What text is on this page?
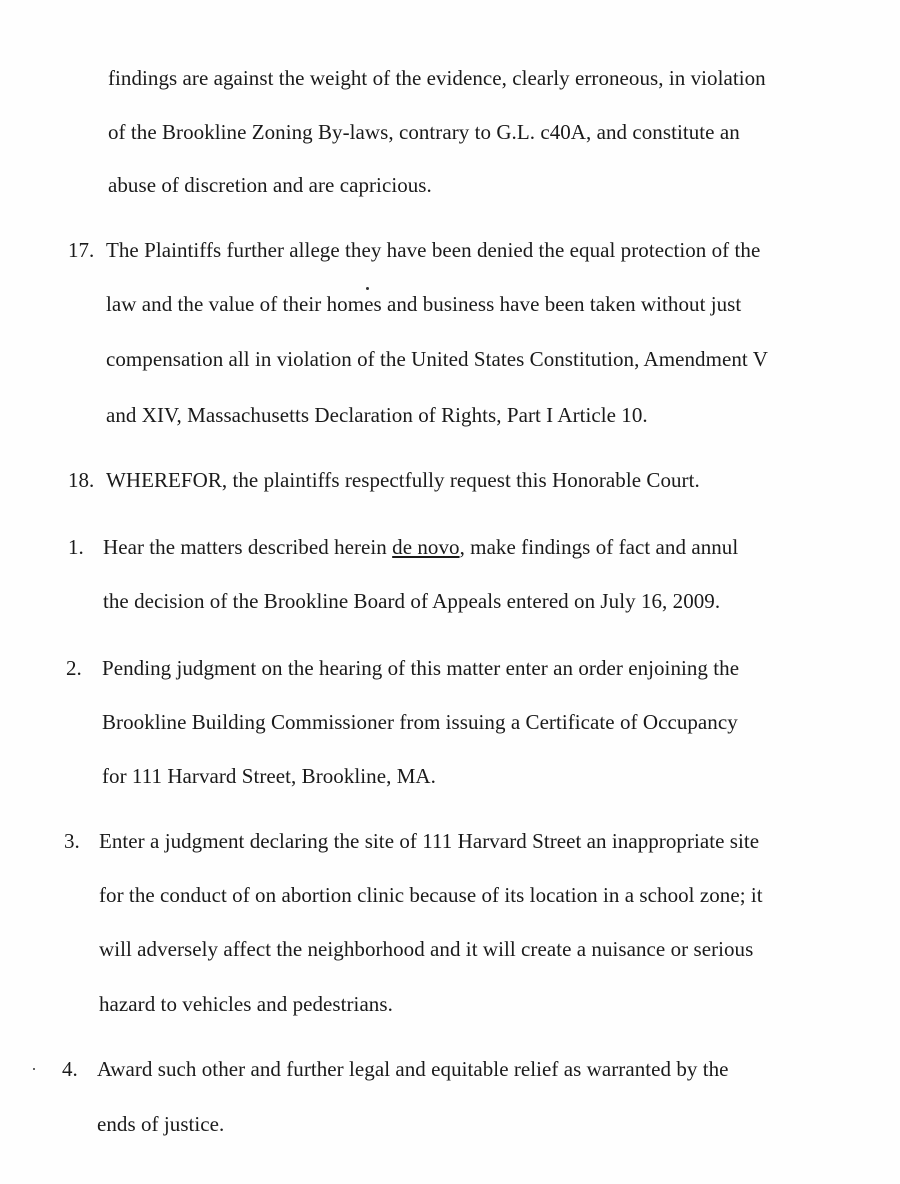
findings are against the weight of the evidence, clearly erroneous, in violation
of the Brookline Zoning By-laws, contrary to G.L. c40A, and constitute an
abuse of discretion and are capricious.
17. The Plaintiffs further allege they have been denied the equal protection of the
law and the value of their homes and business have been taken without just
compensation all in violation of the United States Constitution, Amendment V
and XIV, Massachusetts Declaration of Rights, Part I Article 10.
18. WHEREFOR, the plaintiffs respectfully request this Honorable Court.
1. Hear the matters described herein de novo, make findings of fact and annul
the decision of the Brookline Board of Appeals entered on July 16, 2009.
2. Pending judgment on the hearing of this matter enter an order enjoining the
Brookline Building Commissioner from issuing a Certificate of Occupancy
for 111 Harvard Street, Brookline, MA.
3. Enter a judgment declaring the site of 111 Harvard Street an inappropriate site
for the conduct of on abortion clinic because of its location in a school zone; it
will adversely affect the neighborhood and it will create a nuisance or serious
hazard to vehicles and pedestrians.
4. Award such other and further legal and equitable relief as warranted by the
ends of justice.
